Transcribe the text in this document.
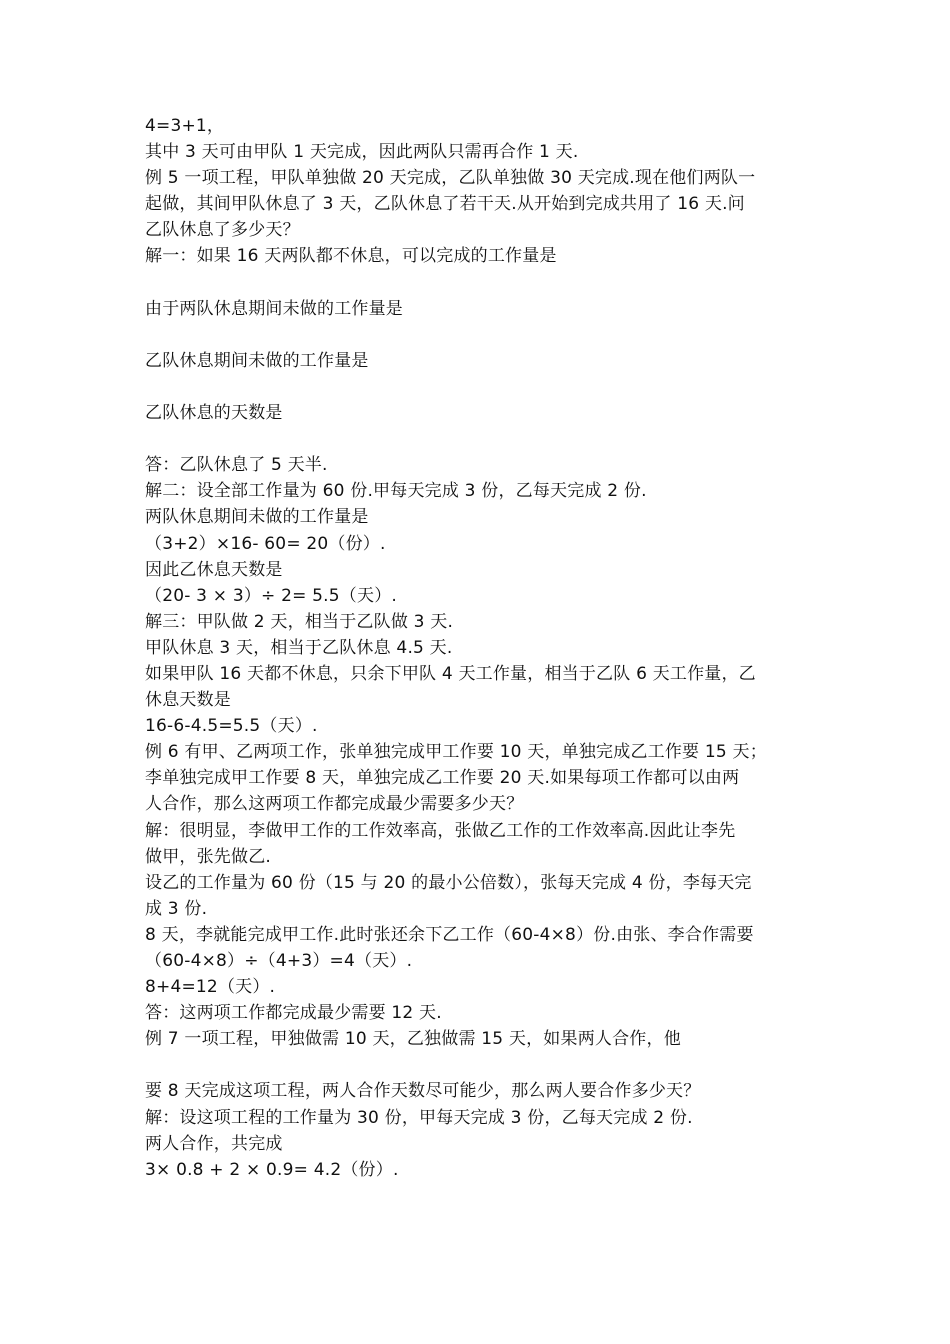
4=3+1，
其中 3 天可由甲队 1 天完成，因此两队只需再合作 1 天.
例 5 一项工程，甲队单独做 20 天完成，乙队单独做 30 天完成.现在他们两队一
起做，其间甲队休息了 3 天，乙队休息了若干天.从开始到完成共用了 16 天.问
乙队休息了多少天？
解一：如果 16 天两队都不休息，可以完成的工作量是
由于两队休息期间未做的工作量是
乙队休息期间未做的工作量是
乙队休息的天数是
答：乙队休息了 5 天半.
解二：设全部工作量为 60 份.甲每天完成 3 份，乙每天完成 2 份.
两队休息期间未做的工作量是
（3+2）×16- 60= 20（份）.
因此乙休息天数是
（20- 3 × 3）÷ 2= 5.5（天）.
解三：甲队做 2 天，相当于乙队做 3 天.
甲队休息 3 天，相当于乙队休息 4.5 天.
如果甲队 16 天都不休息，只余下甲队 4 天工作量，相当于乙队 6 天工作量，乙
休息天数是
16-6-4.5=5.5（天）.
例 6 有甲、乙两项工作，张单独完成甲工作要 10 天，单独完成乙工作要 15 天；
李单独完成甲工作要 8 天，单独完成乙工作要 20 天.如果每项工作都可以由两
人合作，那么这两项工作都完成最少需要多少天？
解：很明显，李做甲工作的工作效率高，张做乙工作的工作效率高.因此让李先
做甲，张先做乙.
设乙的工作量为 60 份（15 与 20 的最小公倍数），张每天完成 4 份，李每天完
成 3 份.
8 天，李就能完成甲工作.此时张还余下乙工作（60-4×8）份.由张、李合作需要
（60-4×8）÷（4+3）=4（天）.
8+4=12（天）.
答：这两项工作都完成最少需要 12 天.
例 7 一项工程，甲独做需 10 天，乙独做需 15 天，如果两人合作，他
要 8 天完成这项工程，两人合作天数尽可能少，那么两人要合作多少天？
解：设这项工程的工作量为 30 份，甲每天完成 3 份，乙每天完成 2 份.
两人合作，共完成
3× 0.8 + 2 × 0.9= 4.2（份）.
